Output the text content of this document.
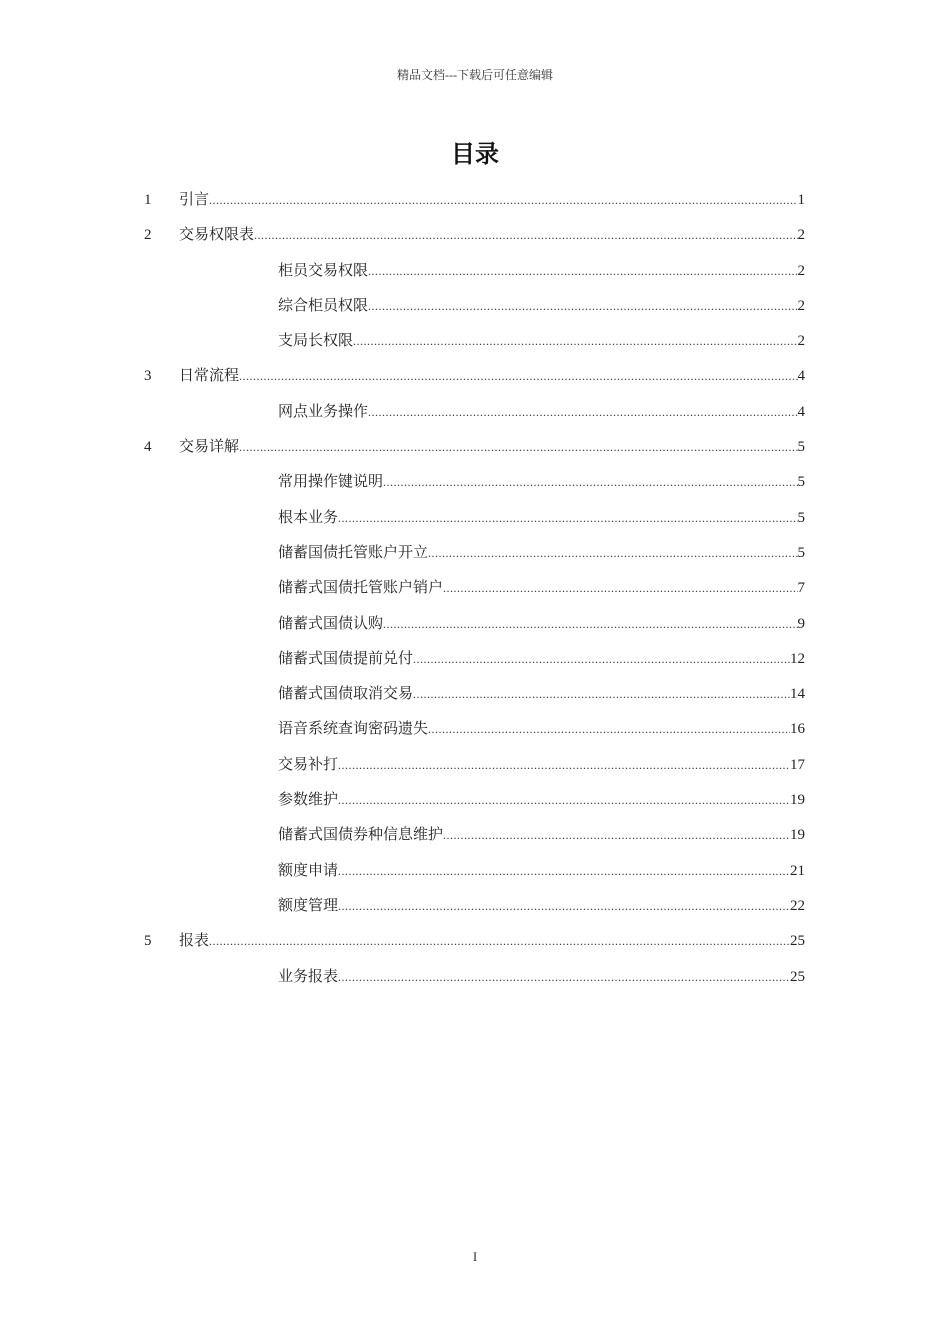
精品文档---下载后可任意编辑
目录
1 引言 .....	1
2 交易权限表 .....	2
柜员交易权限 .....	2
综合柜员权限 .....	2
支局长权限 .....	2
3 日常流程 .....	4
网点业务操作 .....	4
4 交易详解 .....	5
常用操作键说明 .....	5
根本业务 .....	5
储蓄国债托管账户开立 .....	5
储蓄式国债托管账户销户 .....	7
储蓄式国债认购 .....	9
储蓄式国债提前兑付 .....	12
储蓄式国债取消交易 .....	14
语音系统查询密码遗失 .....	16
交易补打 .....	17
参数维护 .....	19
储蓄式国债券种信息维护 .....	19
额度申请 .....	21
额度管理 .....	22
5 报表 .....	25
业务报表 .....	25
I
